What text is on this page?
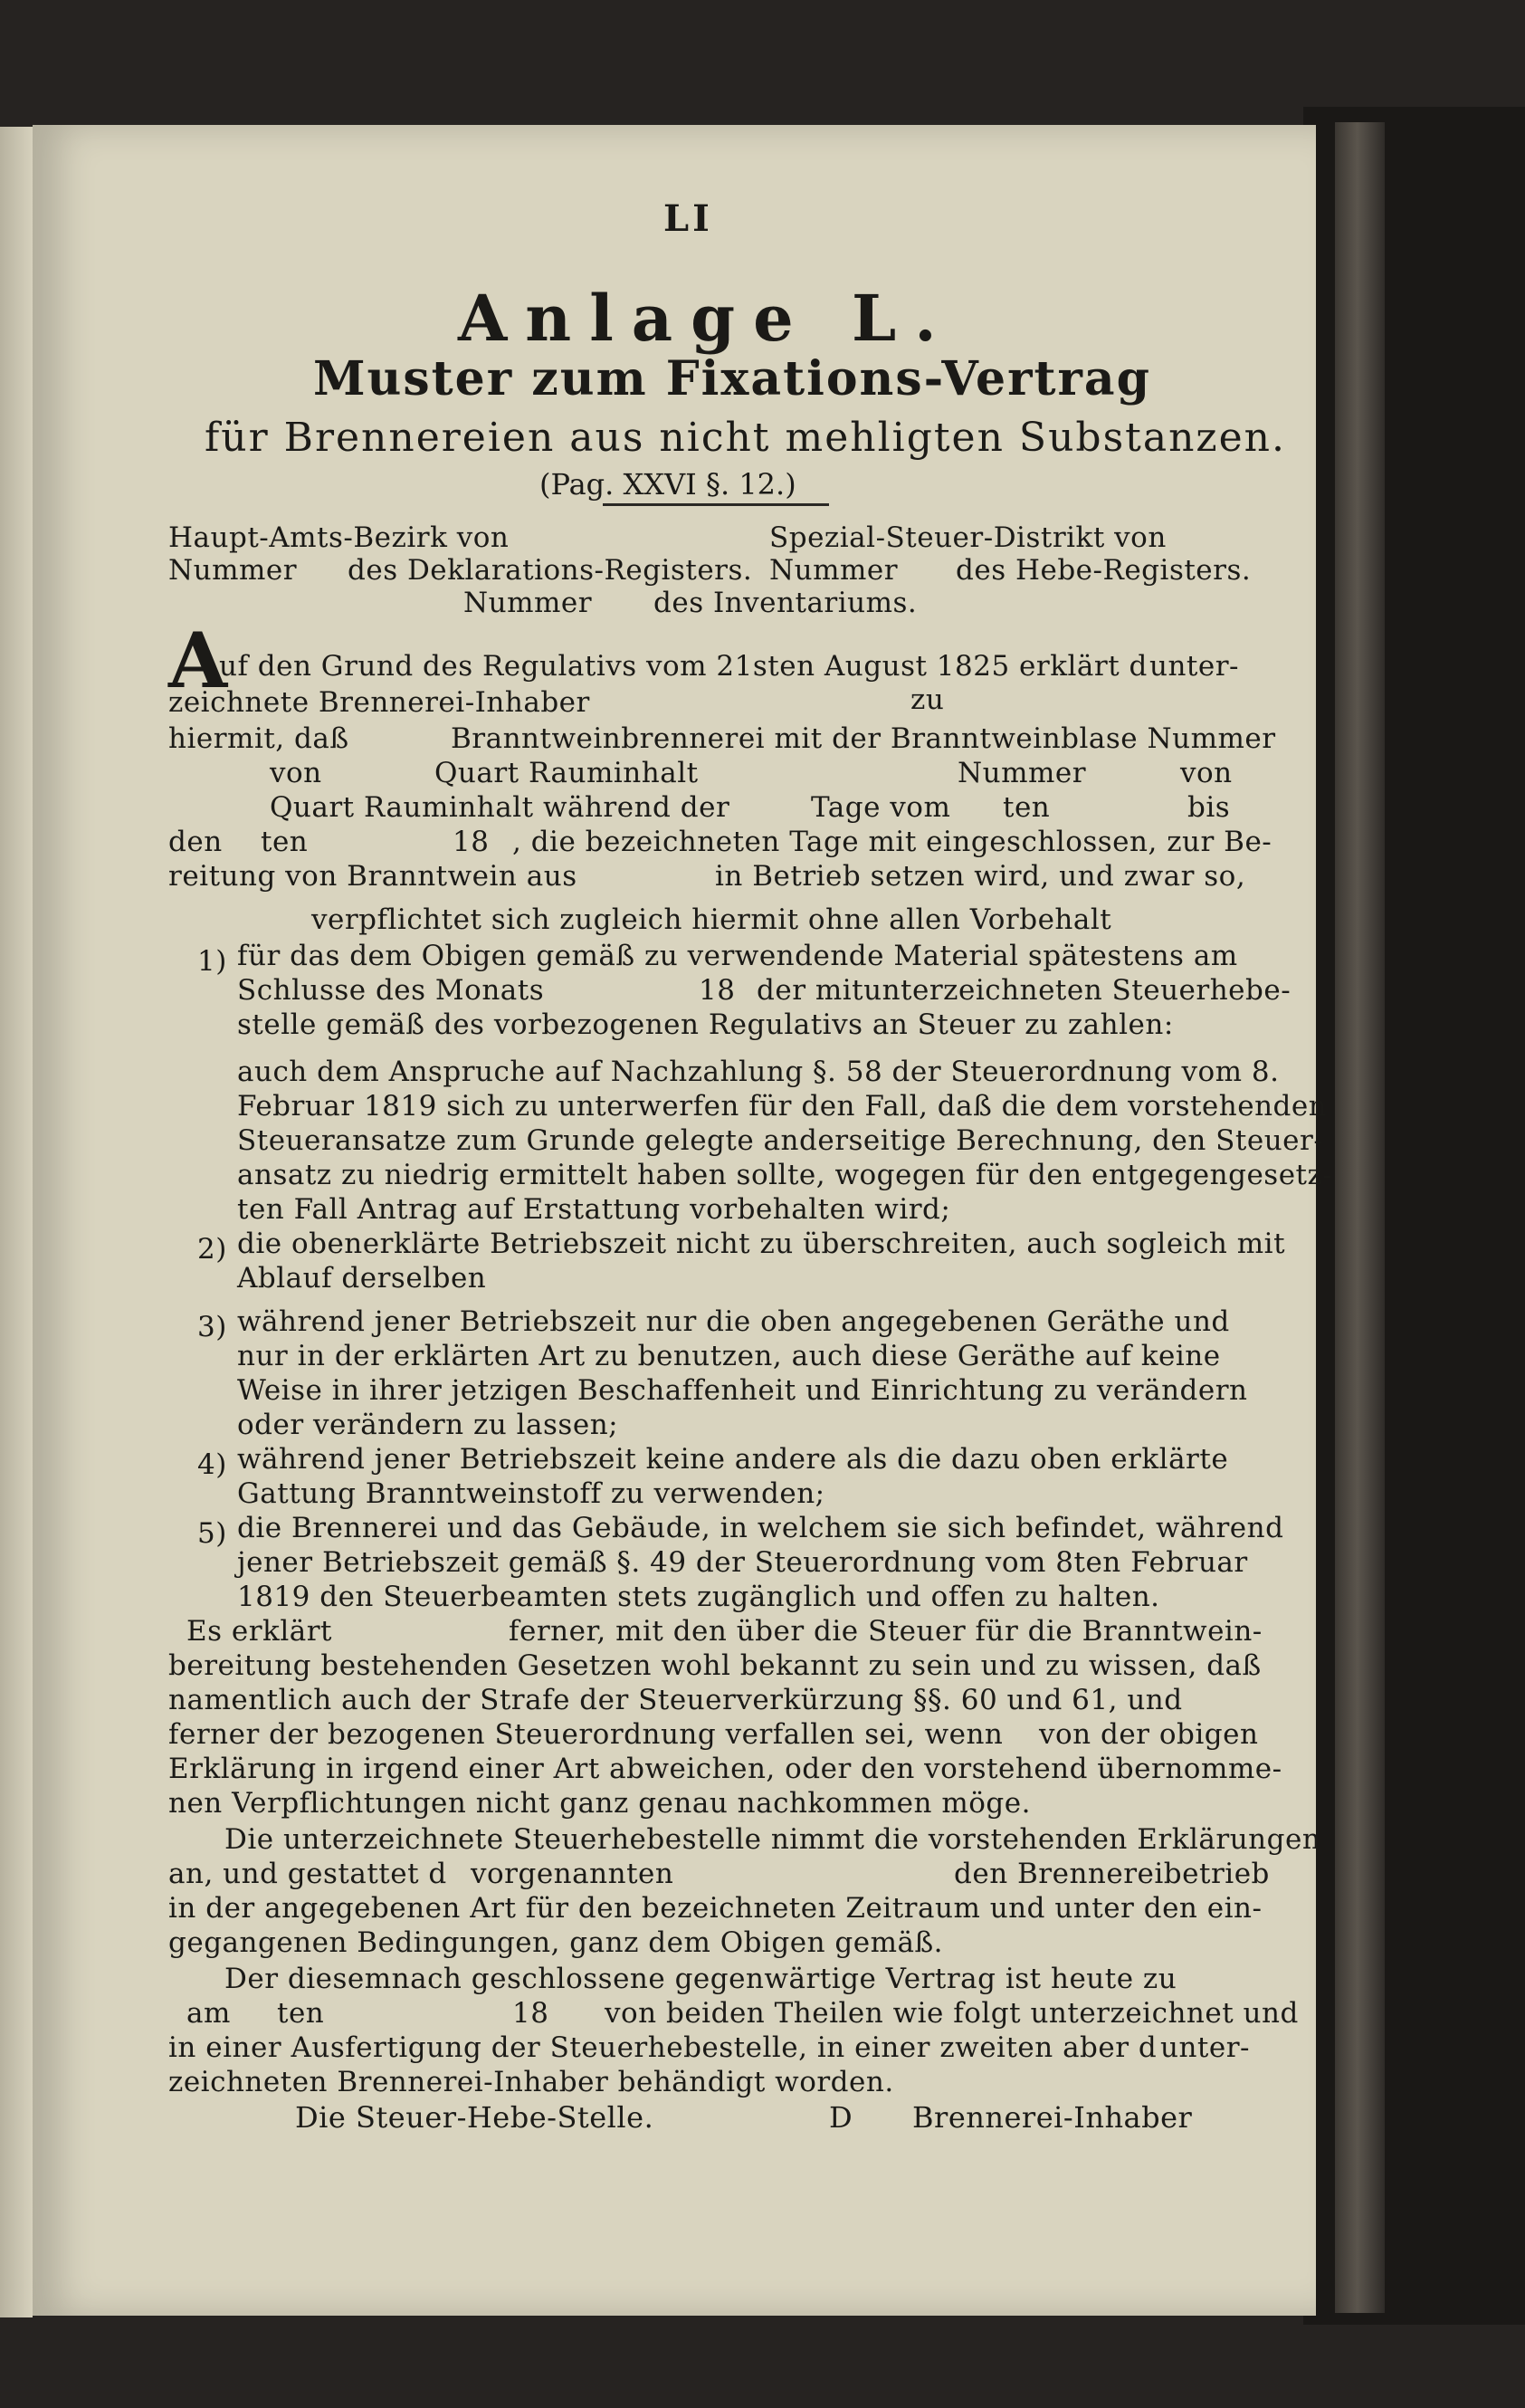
LI
Anlage L.
Muster zum Fixations-Vertrag
für Brennereien aus nicht mehligten Substanzen.
(Pag. XXVI §. 12.)
Haupt-Amts-Bezirk von	Spezial-Steuer-Distrikt von
Nummer des Deklarations-Registers. Nummer des Hebe-Registers.
Nummer des Inventariums.
A
uf den Grund des Regulativs vom 21sten August 1825 erklärt d unter-
zeichnete Brennerei-Inhaber	zu
hiermit, daß	Branntweinbrennerei mit der Branntweinblase Nummer
von	Quart Rauminhalt	Nummer	von
Quart Rauminhalt während der	Tage vom ten	bis
den ten	18 , die bezeichneten Tage mit eingeschlossen, zur Be-
reitung von Branntwein aus	in Betrieb setzen wird, und zwar so,
verpflichtet sich zugleich hiermit ohne allen Vorbehalt
1) für das dem Obigen gemäß zu verwendende Material spätestens am
Schlusse des Monats	18 der mitunterzeichneten Steuerhebe-
stelle gemäß des vorbezogenen Regulativs an Steuer zu zahlen:
auch dem Anspruche auf Nachzahlung §. 58 der Steuerordnung vom 8.
Februar 1819 sich zu unterwerfen für den Fall, daß die dem vorstehenden
Steueransatze zum Grunde gelegte anderseitige Berechnung, den Steuer-
ansatz zu niedrig ermittelt haben sollte, wogegen für den entgegengesetz-
ten Fall Antrag auf Erstattung vorbehalten wird;
2) die obenerklärte Betriebszeit nicht zu überschreiten, auch sogleich mit
Ablauf derselben
3) während jener Betriebszeit nur die oben angegebenen Geräthe und
nur in der erklärten Art zu benutzen, auch diese Geräthe auf keine
Weise in ihrer jetzigen Beschaffenheit und Einrichtung zu verändern
oder verändern zu lassen;
4) während jener Betriebszeit keine andere als die dazu oben erklärte
Gattung Branntweinstoff zu verwenden;
5) die Brennerei und das Gebäude, in welchem sie sich befindet, während
jener Betriebszeit gemäß §. 49 der Steuerordnung vom 8ten Februar
1819 den Steuerbeamten stets zugänglich und offen zu halten.
Es erklärt	ferner, mit den über die Steuer für die Branntwein-
bereitung bestehenden Gesetzen wohl bekannt zu sein und zu wissen, daß
namentlich auch der Strafe der Steuerverkürzung §§. 60 und 61, und
ferner der bezogenen Steuerordnung verfallen sei, wenn von der obigen
Erklärung in irgend einer Art abweichen, oder den vorstehend übernomme-
nen Verpflichtungen nicht ganz genau nachkommen möge.
Die unterzeichnete Steuerhebestelle nimmt die vorstehenden Erklärungen
an, und gestattet d vorgenannten	den Brennereibetrieb
in der angegebenen Art für den bezeichneten Zeitraum und unter den ein-
gegangenen Bedingungen, ganz dem Obigen gemäß.
Der diesemnach geschlossene gegenwärtige Vertrag ist heute zu
am ten	18 von beiden Theilen wie folgt unterzeichnet und
in einer Ausfertigung der Steuerhebestelle, in einer zweiten aber d unter-
zeichneten Brennerei-Inhaber behändigt worden.
Die Steuer-Hebe-Stelle.	D Brennerei-Inhaber
